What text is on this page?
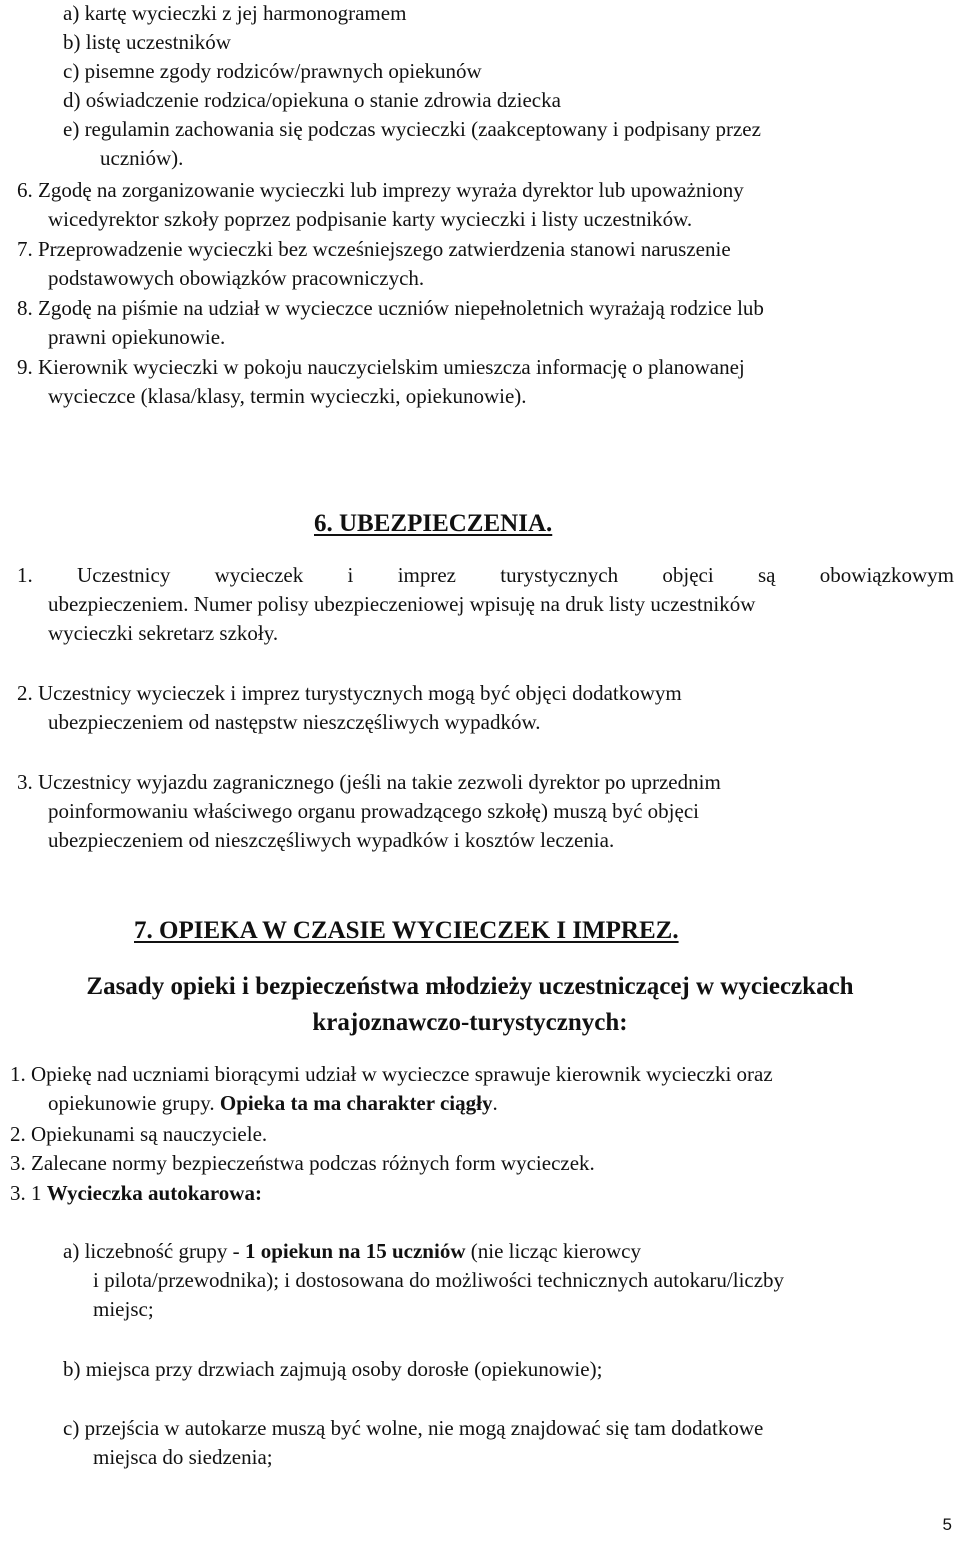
a) kartę wycieczki z jej harmonogramem
b) listę uczestników
c) pisemne zgody rodziców/prawnych opiekunów
d) oświadczenie rodzica/opiekuna o stanie zdrowia dziecka
e) regulamin zachowania się podczas wycieczki (zaakceptowany i podpisany przez
uczniów).
6. Zgodę na zorganizowanie wycieczki lub imprezy wyraża dyrektor lub upoważniony
wicedyrektor szkoły poprzez podpisanie karty wycieczki i listy uczestników.
7. Przeprowadzenie wycieczki bez wcześniejszego zatwierdzenia stanowi naruszenie
podstawowych obowiązków pracowniczych.
8. Zgodę na piśmie na udział w wycieczce uczniów niepełnoletnich wyrażają rodzice lub
prawni opiekunowie.
9. Kierownik wycieczki w pokoju nauczycielskim umieszcza informację o planowanej
wycieczce (klasa/klasy, termin wycieczki, opiekunowie).
6. UBEZPIECZENIA.
1. Uczestnicy wycieczek i imprez turystycznych objęci są obowiązkowym
ubezpieczeniem. Numer polisy ubezpieczeniowej wpisuję na druk listy uczestników
wycieczki sekretarz szkoły.
2. Uczestnicy wycieczek i imprez turystycznych mogą być objęci dodatkowym
ubezpieczeniem od następstw nieszczęśliwych wypadków.
3. Uczestnicy wyjazdu zagranicznego (jeśli na takie zezwoli dyrektor po uprzednim
poinformowaniu właściwego organu prowadzącego szkołę) muszą być objęci
ubezpieczeniem od nieszczęśliwych wypadków i kosztów leczenia.
7. OPIEKA W CZASIE WYCIECZEK I IMPREZ.
Zasady opieki i bezpieczeństwa młodzieży uczestniczącej w wycieczkach
krajoznawczo-turystycznych:
1. Opiekę nad uczniami biorącymi udział w wycieczce sprawuje kierownik wycieczki oraz
opiekunowie grupy. Opieka ta ma charakter ciągły.
2. Opiekunami są nauczyciele.
3. Zalecane normy bezpieczeństwa podczas różnych form wycieczek.
3. 1 Wycieczka autokarowa:
a) liczebność grupy - 1 opiekun na 15 uczniów (nie licząc kierowcy
i pilota/przewodnika); i dostosowana do możliwości technicznych autokaru/liczby
miejsc;
b) miejsca przy drzwiach zajmują osoby dorosłe (opiekunowie);
c) przejścia w autokarze muszą być wolne, nie mogą znajdować się tam dodatkowe
miejsca do siedzenia;
5
